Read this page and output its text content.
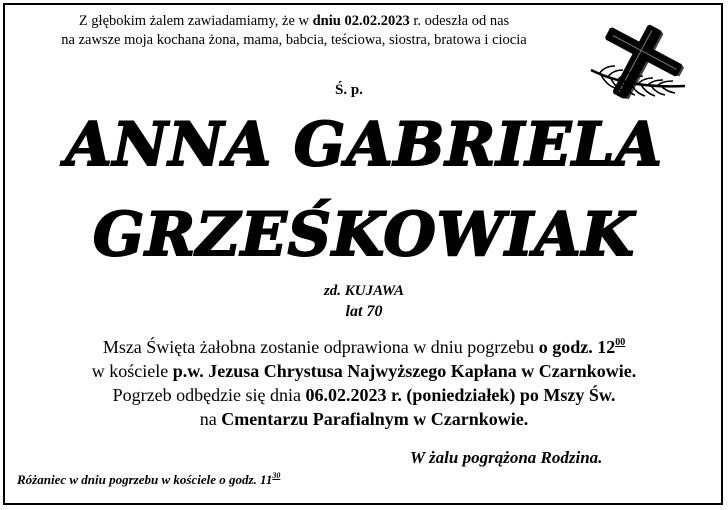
Z głębokim żalem zawiadamiamy, że w dniu 02.02.2023 r. odeszła od nas
na zawsze moja kochana żona, mama, babcia, teściowa, siostra, bratowa i ciocia
Ś. p.
ANNA GABRIELA
GRZEŚKOWIAK
zd. KUJAWA
lat 70
Msza Święta żałobna zostanie odprawiona w dniu pogrzebu o godz. $12^{00}$
w kościele p.w. Jezusa Chrystusa Najwyższego Kapłana w Czarnkowie.
Pogrzeb odbędzie się dnia 06.02.2023 r. (poniedziałek) po Mszy Św.
na Cmentarzu Parafialnym w Czarnkowie.
W żalu pogrążona Rodzina.
Różaniec w dniu pogrzebu w kościele o godz. $11^{30}$
